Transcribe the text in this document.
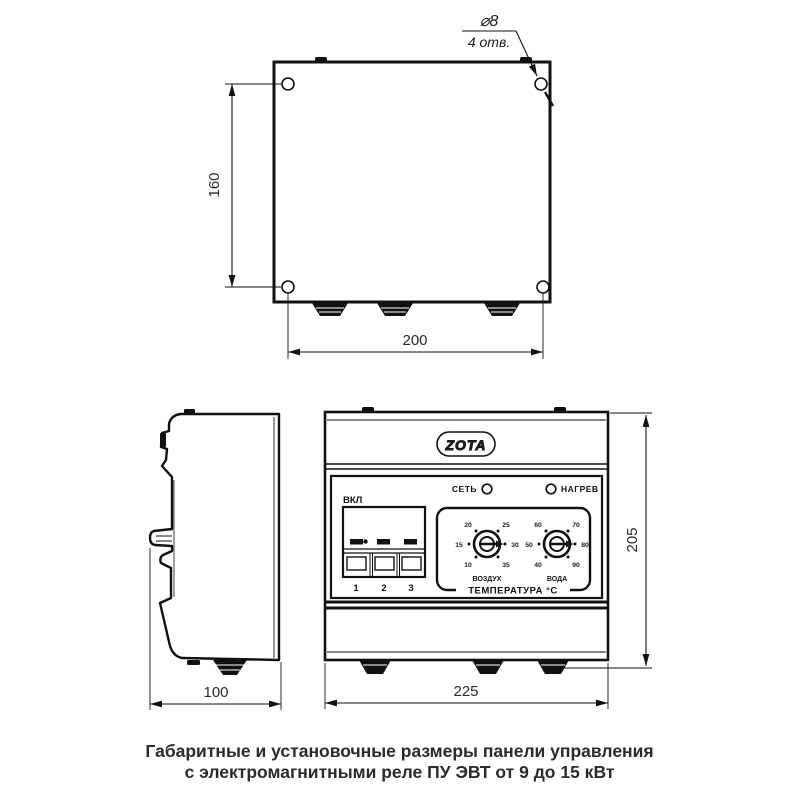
⌀8
4 отв.
160
200
100
ZOTA
СЕТЬ	НАГРЕВ
ВКЛ
1 2 3
10
15
20	25
30
35
ВОЗДУХ
40
50
60	70
80
90
ВОДА
ТЕМПЕРАТУРА °С
205
225
Габаритные и установочные размеры панели управления
с электромагнитными реле ПУ ЭВТ от 9 до 15 кВт
